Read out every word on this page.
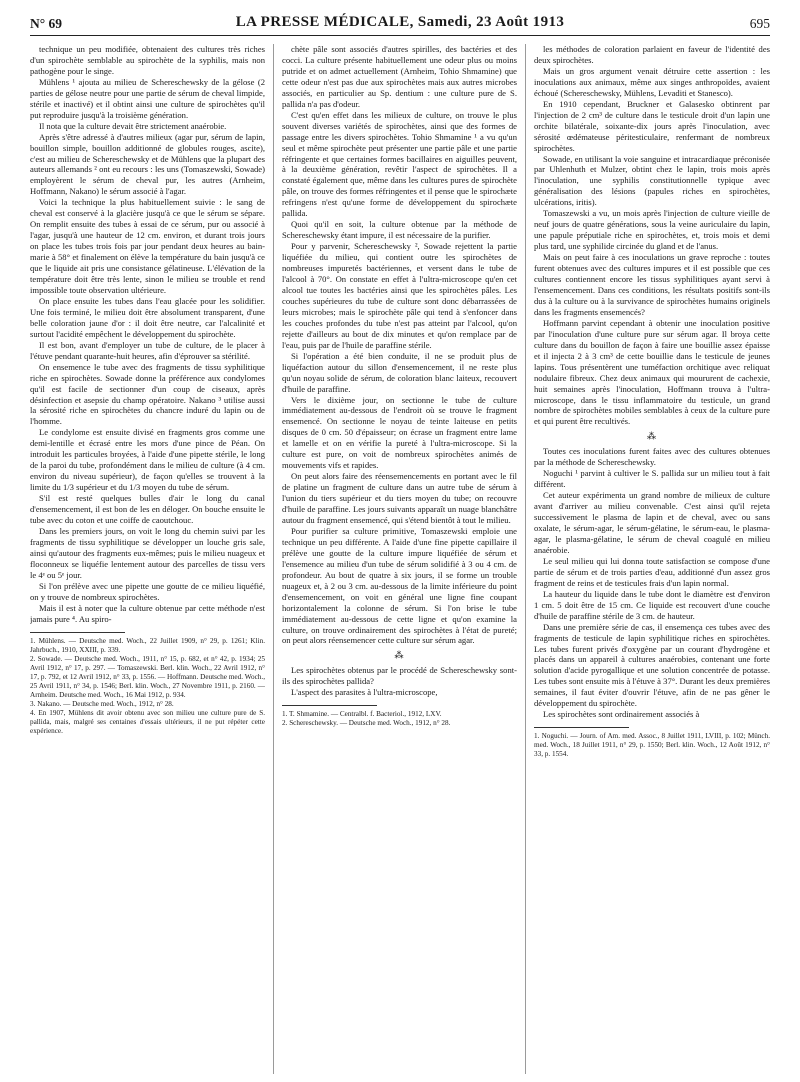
N° 69	LA PRESSE MÉDICALE, Samedi, 23 Août 1913	695

technique un peu modifiée, obtenaient des cultures très riches d'un spirochète semblable au spirochète de la syphilis, mais non pathogène pour le singe.

Mühlens ¹ ajouta au milieu de Schereschewsky de la gélose (2 parties de gélose neutre pour une partie de sérum de cheval limpide, stérile et inactivé) et il obtint ainsi une culture de spirochètes qu'il put reproduire jusqu'à la troisième génération.

Il nota que la culture devait être strictement anaérobie.

Après s'être adressé à d'autres milieux (agar pur, sérum de lapin, bouillon simple, bouillon additionné de globules rouges, ascite), c'est au milieu de Schereschewsky et de Mühlens que la plupart des auteurs allemands ² ont eu recours : les uns (Tomaszewski, Sowade) employèrent le sérum de cheval pur, les autres (Arnheim, Hoffmann, Nakano) le sérum associé à l'agar.

Voici la technique la plus habituellement suivie : le sang de cheval est conservé à la glacière jusqu'à ce que le sérum se sépare. On remplit ensuite des tubes à essai de ce sérum, pur ou associé à l'agar, jusqu'à une hauteur de 12 cm. environ, et durant trois jours on place les tubes trois fois par jour pendant deux heures au bain-marie à 58° et finalement on élève la température du bain jusqu'à ce que le liquide ait pris une consistance gélatineuse. L'élévation de la température doit être très lente, sinon le milieu se trouble et rend impossible toute observation ultérieure.

On place ensuite les tubes dans l'eau glacée pour les solidifier. Une fois terminé, le milieu doit être absolument transparent, d'une belle coloration jaune d'or : il doit être neutre, car l'alcalinité et surtout l'acidité empêchent le développement du spirochète.

Il est bon, avant d'employer un tube de culture, de le placer à l'étuve pendant quarante-huit heures, afin d'éprouver sa stérilité.

On ensemence le tube avec des fragments de tissu syphilitique riche en spirochètes. Sowade donne la préférence aux condylomes qu'il est facile de sectionner d'un coup de ciseaux, après désinfection et asepsie du champ opératoire. Nakano ³ utilise aussi la sérosité riche en spirochètes du chancre induré du lapin ou de l'homme.

Le condylome est ensuite divisé en fragments gros comme une demi-lentille et écrasé entre les mors d'une pince de Péan. On introduit les particules broyées, à l'aide d'une pipette stérile, le long de la paroi du tube, profondément dans le milieu de culture (à 4 cm. environ du niveau supérieur), de façon qu'elles se trouvent à la limite du 1/3 supérieur et du 1/3 moyen du tube de sérum.

S'il est resté quelques bulles d'air le long du canal d'ensemencement, il est bon de les en déloger. On bouche ensuite le tube avec du coton et une coiffe de caoutchouc.

Dans les premiers jours, on voit le long du chemin suivi par les fragments de tissu syphilitique se développer un louche gris sale, ainsi qu'autour des fragments eux-mêmes; puis le milieu nuageux et floconneux se liquéfie lentement autour des parcelles de tissu vers le 4ᵉ ou 5ᵉ jour.

Si l'on prélève avec une pipette une goutte de ce milieu liquéfié, on y trouve de nombreux spirochètes.

Mais il est à noter que la culture obtenue par cette méthode n'est jamais pure ⁴. Au spiro-

1. Mühlens. — Deutsche med. Woch., 22 Juillet 1909, n° 29, p. 1261; Klin. Jahrbuch., 1910, XXIII, p. 339.

2. Sowade. — Deutsche med. Woch., 1911, n° 15, p. 682, et n° 42, p. 1934; 25 Avril 1912, n° 17, p. 297. — Tomaszewski. Berl. klin. Woch., 22 Avril 1912, n° 17, p. 792, et 12 Avril 1912, n° 33, p. 1556. — Hoffmann. Deutsche med. Woch., 25 Avril 1911, n° 34, p. 1546; Berl. klin. Woch., 27 Novembre 1911, p. 2160. — Arnheim. Deutsche med. Woch., 16 Mai 1912, p. 934.

3. Nakano. — Deutsche med. Woch., 1912, n° 28.

4. En 1907, Mühlens dit avoir obtenu avec son milieu une culture pure de S. pallida, mais, malgré ses centaines d'essais ultérieurs, il ne put répéter cette expérience.

chète pâle sont associés d'autres spirilles, des bactéries et des cocci. La culture présente habituellement une odeur plus ou moins putride et on admet actuellement (Arnheim, Tohio Shmamine) que cette odeur n'est pas due aux spirochètes mais aux autres microbes associés, en particulier au Sp. dentium : une culture pure de S. pallida n'a pas d'odeur.

C'est qu'en effet dans les milieux de culture, on trouve le plus souvent diverses variétés de spirochètes, ainsi que des formes de passage entre les divers spirochètes. Tohio Shmamine ¹ a vu qu'un seul et même spirochète peut présenter une partie pâle et une partie réfringente et que certaines formes bacillaires en aiguilles peuvent, à la deuxième génération, revêtir l'aspect de spirochètes. Il a constaté également que, même dans les cultures pures de spirochète pâle, on trouve des formes réfringentes et il pense que le spirochæte refringens n'est qu'une forme de développement du spirochæte pallida.

Quoi qu'il en soit, la culture obtenue par la méthode de Schereschewsky étant impure, il est nécessaire de la purifier.

Pour y parvenir, Schereschewsky ², Sowade rejettent la partie liquéfiée du milieu, qui contient outre les spirochètes de nombreuses impuretés bactériennes, et versent dans le tube de l'alcool à 70°. On constate en effet à l'ultra-microscope qu'en cet alcool tue toutes les bactéries ainsi que les spirochètes pâles. Les couches supérieures du tube de culture sont donc débarrassées de leurs microbes; mais le spirochète pâle qui tend à s'enfoncer dans les couches profondes du tube n'est pas atteint par l'alcool, qu'on rejette d'ailleurs au bout de dix minutes et qu'on remplace par de l'eau, puis par de l'huile de paraffine stérile.

Si l'opération a été bien conduite, il ne se produit plus de liquéfaction autour du sillon d'ensemencement, il ne reste plus qu'un noyau solide de sérum, de coloration blanc laiteux, recouvert d'huile de paraffine.

Vers le dixième jour, on sectionne le tube de culture immédiatement au-dessous de l'endroit où se trouve le fragment ensemencé. On sectionne le noyau de teinte laiteuse en petits disques de 0 cm. 50 d'épaisseur; on écrase un fragment entre lame et lamelle et on en vérifie la pureté à l'ultra-microscope. Si la culture est pure, on voit de nombreux spirochètes animés de mouvements vifs et rapides.

On peut alors faire des réensemencements en portant avec le fil de platine un fragment de culture dans un autre tube de sérum à l'union du tiers supérieur et du tiers moyen du tube; on recouvre d'huile de paraffine. Les jours suivants apparaît un nuage blanchâtre autour du fragment ensemencé, qui s'étend bientôt à tout le milieu.

Pour purifier sa culture primitive, Tomaszewski emploie une technique un peu différente. A l'aide d'une fine pipette capillaire il prélève une goutte de la culture impure liquéfiée de sérum et l'ensemence au milieu d'un tube de sérum solidifié à 3 ou 4 cm. de profondeur. Au bout de quatre à six jours, il se forme un trouble nuageux et, à 2 ou 3 cm. au-dessous de la limite inférieure du point d'ensemencement, on voit en général une ligne fine coupant horizontalement la colonne de sérum. Si l'on brise le tube immédiatement au-dessous de cette ligne et qu'on examine la culture, on trouve ordinairement des spirochètes à l'état de pureté; on peut alors réensemencer cette culture sur sérum agar.

⁂

Les spirochètes obtenus par le procédé de Schereschewsky sont-ils des spirochètes pallida?

L'aspect des parasites à l'ultra-microscope,

1. T. Shmamine. — Centralbl. f. Bacteriol., 1912, LXV.

2. Schereschewsky. — Deutsche med. Woch., 1912, n° 28.

les méthodes de coloration parlaient en faveur de l'identité des deux spirochètes.

Mais un gros argument venait détruire cette assertion : les inoculations aux animaux, même aux singes anthropoïdes, avaient échoué (Schereschewsky, Mühlens, Levaditi et Stanesco).

En 1910 cependant, Bruckner et Galasesko obtinrent par l'injection de 2 cm³ de culture dans le testicule droit d'un lapin une orchite bilatérale, soixante-dix jours après l'inoculation, avec sérosité œdémateuse péritesticulaire, renfermant de nombreux spirochètes.

Sowade, en utilisant la voie sanguine et intracardiaque préconisée par Uhlenhuth et Mulzer, obtint chez le lapin, trois mois après l'inoculation, une syphilis constitutionnelle typique avec généralisation des lésions (papules riches en spirochètes, ulcérations, iritis).

Tomaszewski a vu, un mois après l'injection de culture vieille de neuf jours de quatre générations, sous la veine auriculaire du lapin, une papule préputiale riche en spirochètes, et, trois mois et demi plus tard, une syphilide circinée du gland et de l'anus.

Mais on peut faire à ces inoculations un grave reproche : toutes furent obtenues avec des cultures impures et il est possible que ces cultures contiennent encore les tissus syphilitiques ayant servi à l'ensemencement. Dans ces conditions, les résultats positifs sont-ils dus à la culture ou à la survivance de spirochètes humains originels dans les fragments ensemencés?

Hoffmann parvint cependant à obtenir une inoculation positive par l'inoculation d'une culture pure sur sérum agar. Il broya cette culture dans du bouillon de façon à faire une bouillie assez épaisse et il injecta 2 à 3 cm³ de cette bouillie dans le testicule de jeunes lapins. Tous présentèrent une tuméfaction orchitique avec reliquat nodulaire fibreux. Chez deux animaux qui moururent de cachexie, huit semaines après l'inoculation, Hoffmann trouva à l'ultra-microscope, dans le tissu inflammatoire du testicule, un grand nombre de spirochètes mobiles semblables à ceux de la culture pure et qui purent être recultivés.

⁂

Toutes ces inoculations furent faites avec des cultures obtenues par la méthode de Schereschewsky.

Noguchi ¹ parvint à cultiver le S. pallida sur un milieu tout à fait différent.

Cet auteur expérimenta un grand nombre de milieux de culture avant d'arriver au milieu convenable. C'est ainsi qu'il rejeta successivement le plasma de lapin et de cheval, avec ou sans oxalate, le sérum-agar, le sérum-gélatine, le sérum-eau, le plasma-agar, le plasma-gélatine, le sérum de cheval coagulé en milieu anaérobie.

Le seul milieu qui lui donna toute satisfaction se compose d'une partie de sérum et de trois parties d'eau, additionné d'un assez gros fragment de reins et de testicules frais d'un lapin normal.

La hauteur du liquide dans le tube dont le diamètre est d'environ 1 cm. 5 doit être de 15 cm. Ce liquide est recouvert d'une couche d'huile de paraffine stérile de 3 cm. de hauteur.

Dans une première série de cas, il ensemença ces tubes avec des fragments de testicule de lapin syphilitique riches en spirochètes. Les tubes furent privés d'oxygène par un courant d'hydrogène et placés dans un appareil à cultures anaérobies, contenant une forte solution d'acide pyrogallique et une solution concentrée de potasse. Les tubes sont ensuite mis à l'étuve à 37°. Durant les deux premières semaines, il faut éviter d'ouvrir l'étuve, afin de ne pas gêner le développement du spirochète.

Les spirochètes sont ordinairement associés à

1. Noguchi. — Journ. of Am. med. Assoc., 8 Juillet 1911, LVIII, p. 102; Münch. med. Woch., 18 Juillet 1911, n° 29, p. 1550; Berl. klin. Woch., 12 Août 1912, n° 33, p. 1554.
